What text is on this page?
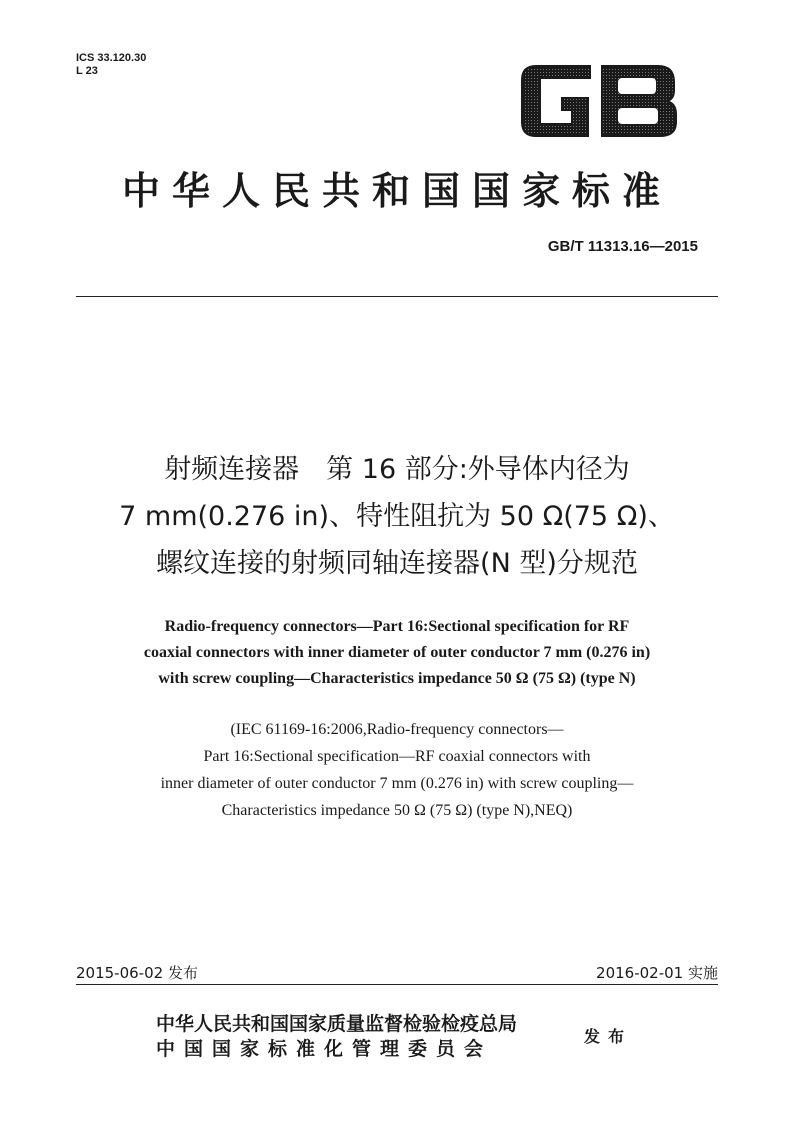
ICS 33.120.30
L 23
中华人民共和国国家标准
GB/T 11313.16—2015
射频连接器　第 16 部分:外导体内径为
7 mm(0.276 in)、特性阻抗为 50 Ω(75 Ω)、
螺纹连接的射频同轴连接器(N 型)分规范
Radio-frequency connectors—Part 16:Sectional specification for RF
coaxial connectors with inner diameter of outer conductor 7 mm (0.276 in)
with screw coupling—Characteristics impedance 50 Ω (75 Ω) (type N)
(IEC 61169-16:2006,Radio-frequency connectors—
Part 16:Sectional specification—RF coaxial connectors with
inner diameter of outer conductor 7 mm (0.276 in) with screw coupling—
Characteristics impedance 50 Ω (75 Ω) (type N),NEQ)
2015-06-02 发布	2016-02-01 实施
中华人民共和国国家质量监督检验检疫总局
中国国家标准化管理委员会
发布
